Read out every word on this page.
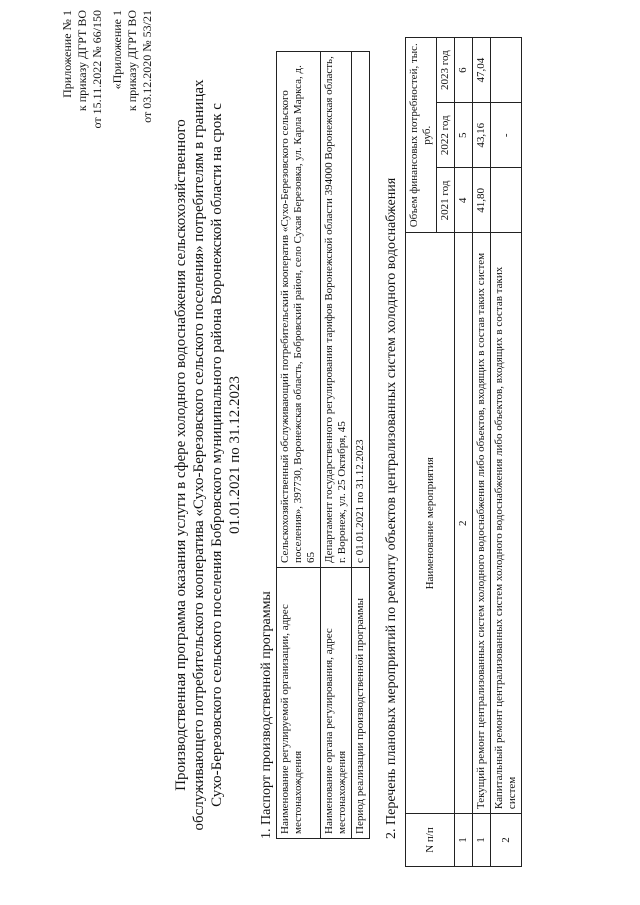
Приложение № 1 к приказу ДГРТ ВО от 15.11.2022 № 66/150 «Приложение 1 к приказу ДГРТ ВО от 03.12.2020 № 53/21
Производственная программа оказания услуги в сфере холодного водоснабжения сельскохозяйственного обслуживающего потребительского кооператива «Сухо-Березовского сельского поселения» потребителям в границах Сухо-Березовского сельского поселения Бобровского муниципального района Воронежской области на срок с 01.01.2021 по 31.12.2023
1. Паспорт производственной программы Наименование регулируемой организации, адрес местонахождения	Сельскохозяйственный обслуживающий потребительский кооператив «Сухо-Березовского сельского поселения», 397730, Воронежская область, Бобровский район, село Сухая Березовка, ул. Карла Маркса, д. 65
Наименование органа регулирования, адрес местонахождения	Департамент государственного регулирования тарифов Воронежской области 394000 Воронежская область, г. Воронеж, ул. 25 Октября, 45
Период реализации производственной программы	с 01.01.2021 по 31.12.2023 2. Перечень плановых мероприятий по ремонту объектов централизованных систем холодного водоснабжения
N п/п	Наименование мероприятия	Объем финансовых потребностей, тыс. руб.		
		2021 год	2022 год	2023 год
1	2	4	5	6
1	Текущий ремонт централизованных систем холодного водоснабжения либо объектов, входящих в состав таких систем	41,80	43,16	47,04
2	Капитальный ремонт централизованных систем холодного водоснабжения либо объектов, входящих в состав таких систем		-	
